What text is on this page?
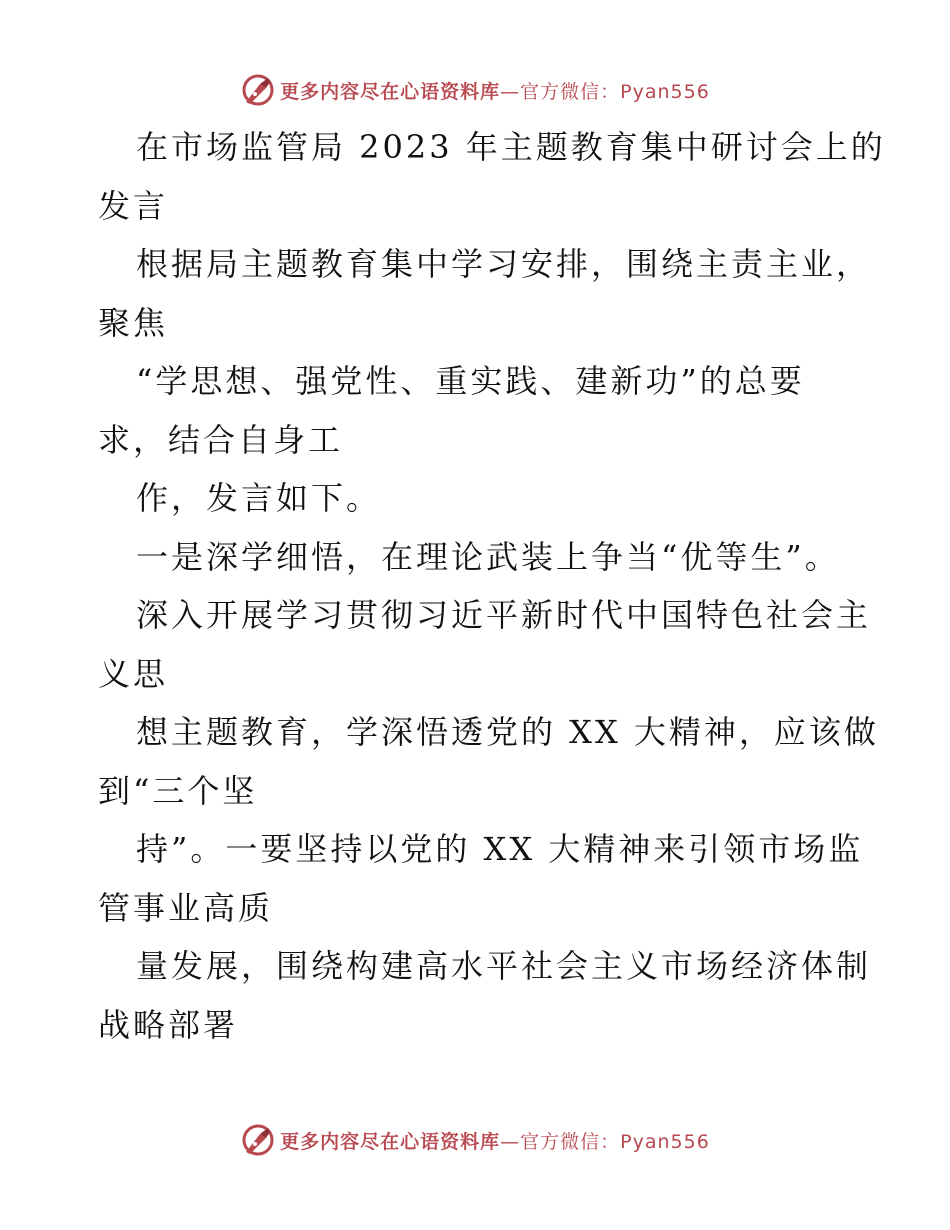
更多内容尽在心语资料库—官方微信：Pyan556
在市场监管局 2023 年主题教育集中研讨会上的
发言
根据局主题教育集中学习安排，围绕主责主业，
聚焦
“学思想、强党性、重实践、建新功”的总要
求，结合自身工
作，发言如下。
一是深学细悟，在理论武装上争当“优等生”。
深入开展学习贯彻习近平新时代中国特色社会主
义思
想主题教育，学深悟透党的 XX 大精神，应该做
到“三个坚
持”。一要坚持以党的 XX 大精神来引领市场监
管事业高质
量发展，围绕构建高水平社会主义市场经济体制
战略部署
更多内容尽在心语资料库—官方微信：Pyan556
